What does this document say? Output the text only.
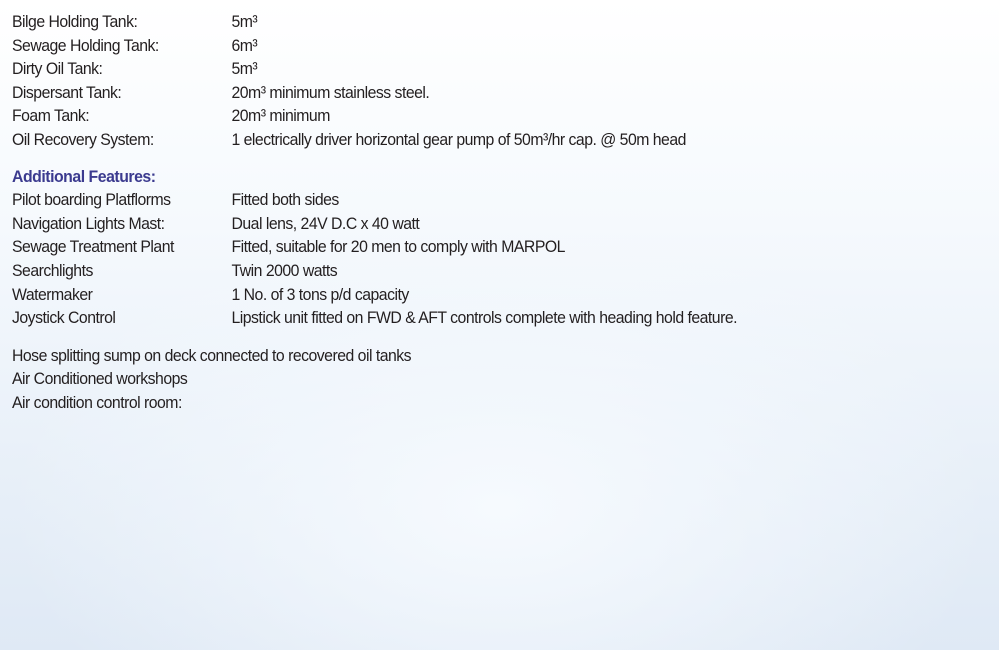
Bilge Holding Tank:	5m³
Sewage Holding Tank:	6m³
Dirty Oil Tank:	5m³
Dispersant Tank:	20m³ minimum stainless steel.
Foam Tank:	20m³ minimum
Oil Recovery System:	1 electrically driver horizontal gear pump of 50m³/hr cap. @ 50m head
Additional Features:
Pilot boarding Platflorms	Fitted both sides
Navigation Lights Mast:	Dual lens, 24V D.C x 40 watt
Sewage Treatment Plant	Fitted, suitable for 20 men to comply with MARPOL
Searchlights	Twin 2000 watts
Watermaker	1 No. of 3 tons p/d capacity
Joystick Control	Lipstick unit fitted on FWD & AFT controls complete with heading hold feature.
Hose splitting sump on deck connected to recovered oil tanks
Air Conditioned workshops
Air condition control room:
